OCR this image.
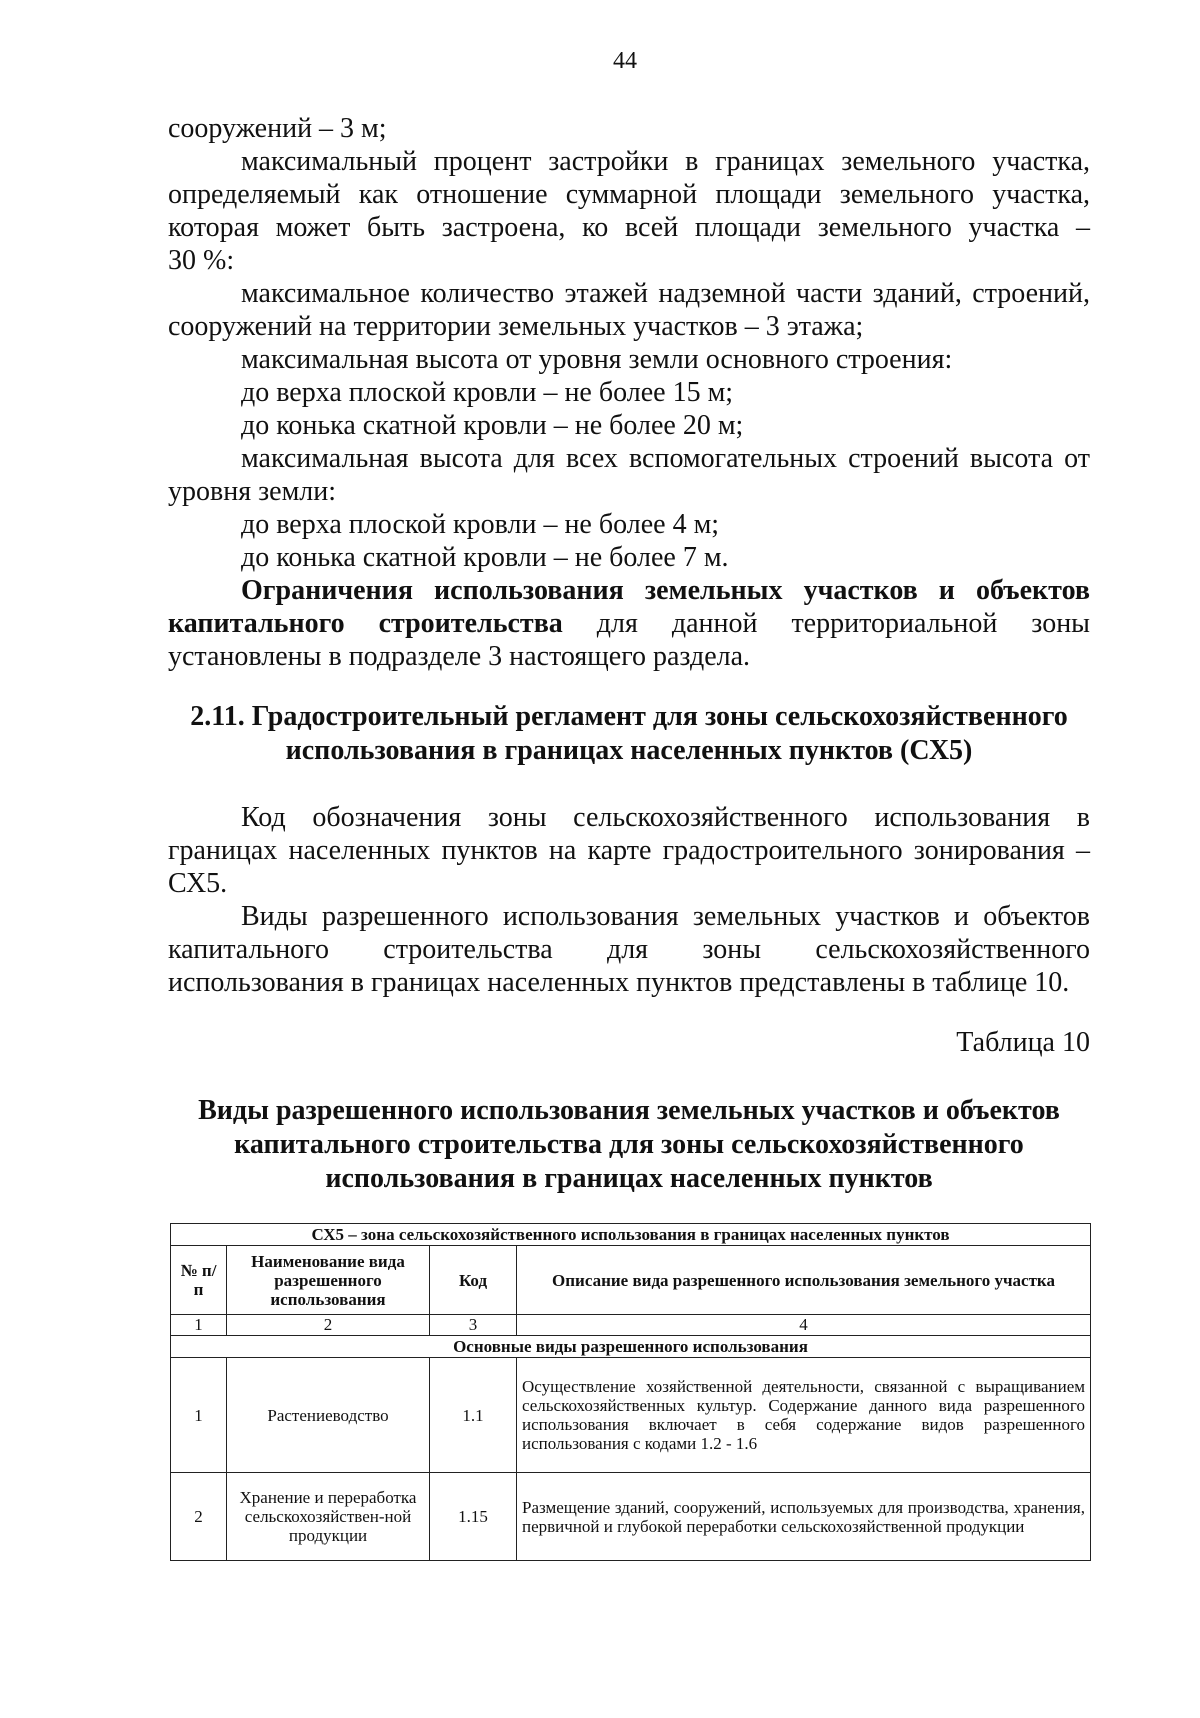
44
сооружений – 3 м;
максимальный процент застройки в границах земельного участка,
определяемый как отношение суммарной площади земельного участка,
которая может быть застроена, ко всей площади земельного участка –
30 %:
максимальное количество этажей надземной части зданий, строений,
сооружений на территории земельных участков – 3 этажа;
максимальная высота от уровня земли основного строения:
до верха плоской кровли – не более 15 м;
до конька скатной кровли – не более 20 м;
максимальная высота для всех вспомогательных строений высота от
уровня земли:
до верха плоской кровли – не более 4 м;
до конька скатной кровли – не более 7 м.
Ограничения использования земельных участков и объектов
капитального строительства для данной территориальной зоны
установлены в подразделе 3 настоящего раздела.
2.11. Градостроительный регламент для зоны сельскохозяйственного
использования в границах населенных пунктов (СХ5)
Код обозначения зоны сельскохозяйственного использования в
границах населенных пунктов на карте градостроительного зонирования –
СХ5.
Виды разрешенного использования земельных участков и объектов
капитального строительства для зоны сельскохозяйственного
использования в границах населенных пунктов представлены в таблице 10.
Таблица 10
Виды разрешенного использования земельных участков и объектов
капитального строительства для зоны сельскохозяйственного
использования в границах населенных пунктов
СХ5 – зона сельскохозяйственного использования в границах населенных пунктов			
№ п/п	Наименование вида разрешенного использования	Код	Описание вида разрешенного использования земельного участка
1	2	3	4
Основные виды разрешенного использования			
1	Растениеводство	1.1	Осуществление хозяйственной деятельности, связанной с выращиванием сельскохозяйственных культур. Содержание данного вида разрешенного использования включает в себя содержание видов разрешенного использования с кодами 1.2 - 1.6
2	Хранение и переработка сельскохозяйствен-ной продукции	1.15	Размещение зданий, сооружений, используемых для производства, хранения, первичной и глубокой переработки сельскохозяйственной продукции
